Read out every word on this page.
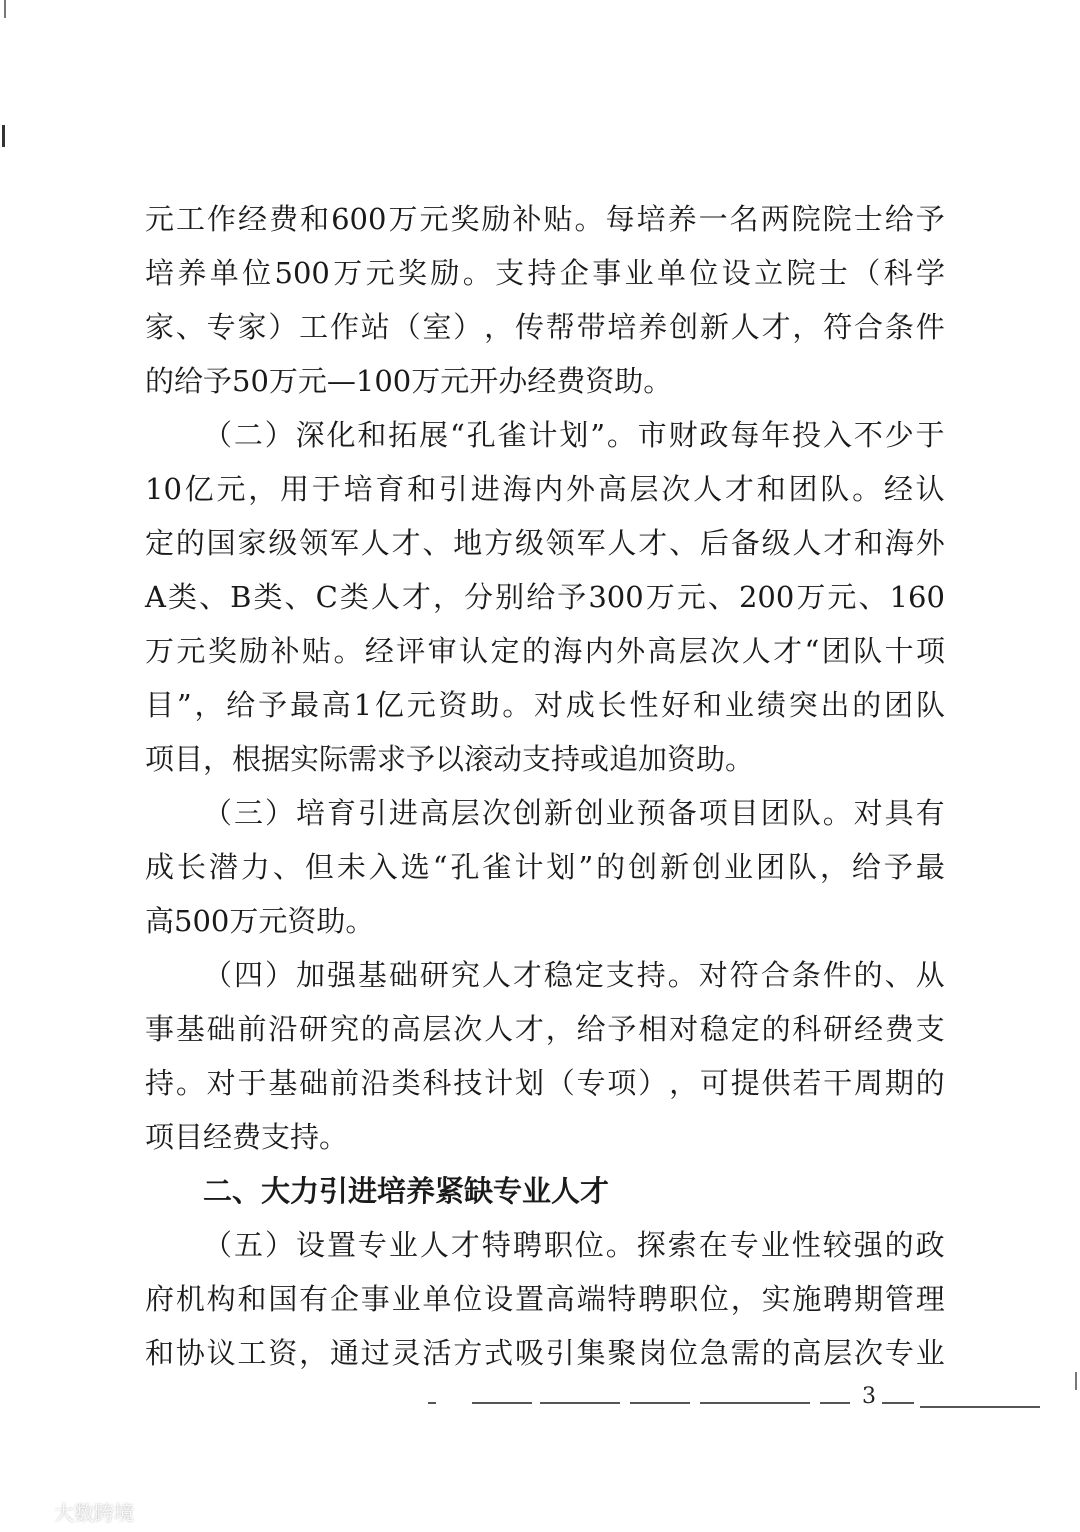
元 工 作 经 费 和 600 万 元 奖 励 补 贴 。 每 培 养 一 名 两 院 院 士 给 予
培 养 单 位 500 万 元 奖 励 。 支 持 企 事 业 单 位 设 立 院 士 （ 科 学
家 、 专 家 ） 工 作 站 （ 室 ） ， 传 帮 带 培 养 创 新 人 才 ， 符 合 条 件
的给予50万元—100万元开办经费资助。
（ 二 ） 深 化 和 拓 展 “ 孔 雀 计 划 ” 。 市 财 政 每 年 投 入 不 少 于
10 亿 元 ， 用 于 培 育 和 引 进 海 内 外 高 层 次 人 才 和 团 队 。 经 认
定 的 国 家 级 领 军 人 才 、 地 方 级 领 军 人 才 、 后 备 级 人 才 和 海 外
A 类 、 B 类 、 C 类 人 才 ， 分 别 给 予 300 万 元 、 200 万 元 、 160
万 元 奖 励 补 贴 。 经 评 审 认 定 的 海 内 外 高 层 次 人 才 “ 团 队 十 项
目 ” ， 给 予 最 高 1 亿 元 资 助 。 对 成 长 性 好 和 业 绩 突 出 的 团 队
项目，根据实际需求予以滚动支持或追加资助。
（ 三 ） 培 育 引 进 高 层 次 创 新 创 业 预 备 项 目 团 队 。 对 具 有
成 长 潜 力 、 但 未 入 选 “ 孔 雀 计 划 ” 的 创 新 创 业 团 队 ， 给 予 最
高500万元资助。
（ 四 ） 加 强 基 础 研 究 人 才 稳 定 支 持 。 对 符 合 条 件 的 、 从
事 基 础 前 沿 研 究 的 高 层 次 人 才 ， 给 予 相 对 稳 定 的 科 研 经 费 支
持 。 对 于 基 础 前 沿 类 科 技 计 划 （ 专 项 ） ， 可 提 供 若 干 周 期 的
项目经费支持。
二、大力引进培养紧缺专业人才
（ 五 ） 设 置 专 业 人 才 特 聘 职 位 。 探 索 在 专 业 性 较 强 的 政
府 机 构 和 国 有 企 事 业 单 位 设 置 高 端 特 聘 职 位 ， 实 施 聘 期 管 理
和 协 议 工 资 ， 通 过 灵 活 方 式 吸 引 集 聚 岗 位 急 需 的 高 层 次 专 业
3
大数跨境
